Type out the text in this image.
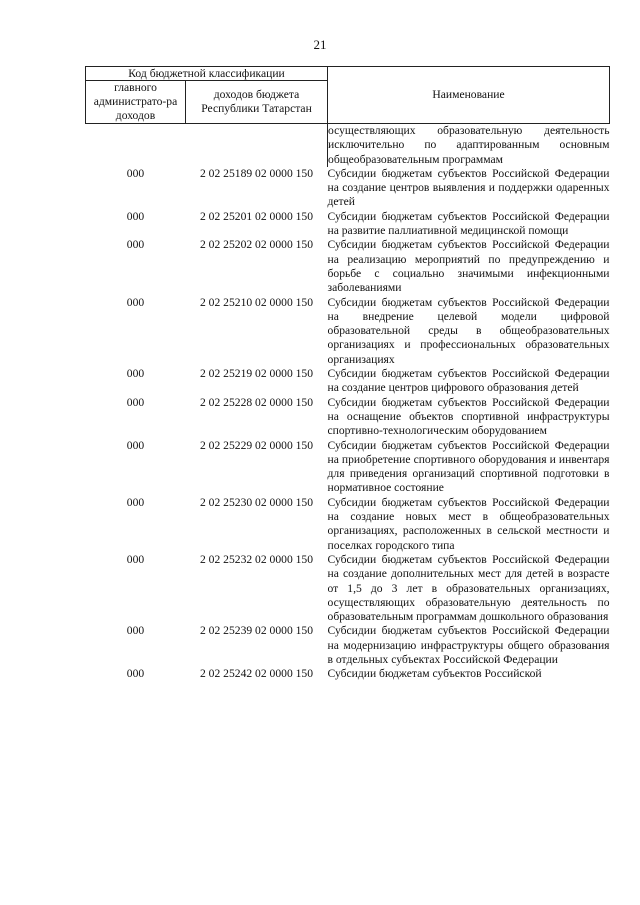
21
Код бюджетной классификации		Наименование
главного администрато-ра доходов	доходов бюджета Республики Татарстан	
		осуществляющих образовательную деятельность исключительно по адаптированным основным общеобразовательным программам
000	2 02 25189 02 0000 150	Субсидии бюджетам субъектов Российской Федерации на создание центров выявления и поддержки одаренных детей
000	2 02 25201 02 0000 150	Субсидии бюджетам субъектов Российской Федерации на развитие паллиативной медицинской помощи
000	2 02 25202 02 0000 150	Субсидии бюджетам субъектов Российской Федерации на реализацию мероприятий по предупреждению и борьбе с социально значимыми инфекционными заболеваниями
000	2 02 25210 02 0000 150	Субсидии бюджетам субъектов Российской Федерации на внедрение целевой модели цифровой образовательной среды в общеобразовательных организациях и профессиональных образовательных организациях
000	2 02 25219 02 0000 150	Субсидии бюджетам субъектов Российской Федерации на создание центров цифрового образования детей
000	2 02 25228 02 0000 150	Субсидии бюджетам субъектов Российской Федерации на оснащение объектов спортивной инфраструктуры спортивно-технологическим оборудованием
000	2 02 25229 02 0000 150	Субсидии бюджетам субъектов Российской Федерации на приобретение спортивного оборудования и инвентаря для приведения организаций спортивной подготовки в нормативное состояние
000	2 02 25230 02 0000 150	Субсидии бюджетам субъектов Российской Федерации на создание новых мест в общеобразовательных организациях, расположенных в сельской местности и поселках городского типа
000	2 02 25232 02 0000 150	Субсидии бюджетам субъектов Российской Федерации на создание дополнительных мест для детей в возрасте от 1,5 до 3 лет в образовательных организациях, осуществляющих образовательную деятельность по образовательным программам дошкольного образования
000	2 02 25239 02 0000 150	Субсидии бюджетам субъектов Российской Федерации на модернизацию инфраструктуры общего образования в отдельных субъектах Российской Федерации
000	2 02 25242 02 0000 150	Субсидии бюджетам субъектов Российской
